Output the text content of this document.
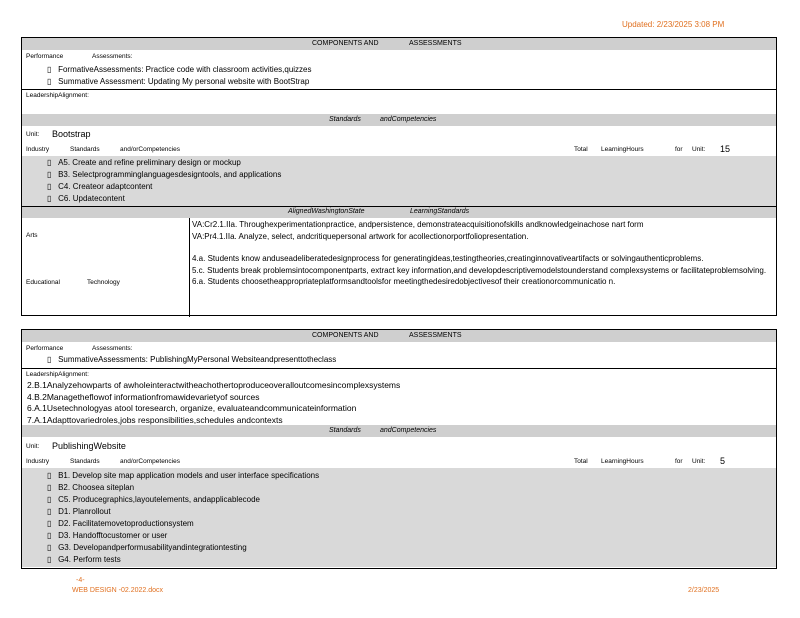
Updated: 2/23/2025 3:08 PM
COMPONENTS AND	ASSESSMENTS
Performance	Assessments:
▯   FormativeAssessments: Practice code with classroom activities,quizzes
▯   Summative Assessment: Updating My personal website with BootStrap
LeadershipAlignment:
Standards	andCompetencies
Unit: Bootstrap
Industry	Standards	and/orCompetencies	Total LearningHours	for Unit: 15
▯   A5. Create and refine preliminary design or mockup
▯   B3. Selectprogramminglanguagesdesigntools, and applications
▯   C4. Createor adaptcontent
▯   C6. Updatecontent
AlignedWashingtonState	LearningStandards
Arts
VA:Cr2.1.IIa. Throughexperimentationpractice, andpersistence, demonstrateacquisitionofskills andknowledgeinachose nart form
VA:Pr4.1.IIa. Analyze, select, andcritiquepersonal artwork for acollectionorportfoliopresentation.
Educational	Technology
4.a. Students know anduseadeliberatedesignprocess for generatingideas,testingtheories,creatinginnovativeartifacts or solvingauthenticproblems.
5.c. Students break problemsintocomponentparts, extract key information,and developdescriptivemodelstounderstand complexsystems or facilitateproblemsolving.
6.a. Students choosetheappropriateplatformsandtoolsfor meetingthedesiredobjectivesof their creationorcommunicatio n.
COMPONENTS AND	ASSESSMENTS
Performance	Assessments:
▯   SummativeAssessments: PublishingMyPersonal Websiteandpresenttotheclass
LeadershipAlignment:
2.B.1Analyzehowparts of awholeinteractwitheachothertoproduceoveralloutcomesincomplexsystems
4.B.2Managetheflowof informationfromawidevarietyof sources
6.A.1Usetechnologyas atool toresearch, organize, evaluateandcommunicateinformation
7.A.1Adapttovariedroles,jobs responsibilities,schedules andcontexts
Standards	andCompetencies
Unit: PublishingWebsite
Industry	Standards	and/orCompetencies	Total LearningHours	for Unit: 5
▯   B1. Develop site map application models and user interface specifications
▯   B2. Chooseа siteplan
▯   C5. Producegraphics,layoutelements, andapplicablecode
▯   D1. Planrollout
▯   D2. Facilitatemovetoproductionsystem
▯   D3. Handofftocustomer or user
▯   G3. Developandperformusabilityandintegrationtesting
▯   G4. Perform tests
-4-
WEB DESIGN -02.2022.docx	2/23/2025
